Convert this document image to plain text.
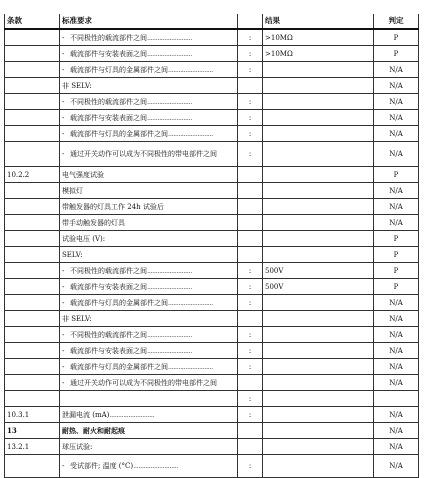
条款	标准要求		结果	判定
	- 不同极性的载流部件之间..........................	:	>10MΩ	P
	- 载流部件与安装表面之间..........................	:	>10MΩ	P
	- 载流部件与灯具的金属部件之间..........................	:		N/A
	非 SELV:			N/A
	- 不同极性的载流部件之间..........................	:		N/A
	- 载流部件与安装表面之间..........................	:		N/A
	- 载流部件与灯具的金属部件之间..........................	:		N/A
	- 通过开关动作可以成为不同极性的带电部件之间	:		N/A
10.2.2	电气强度试验			P
	模拟灯			N/A
	带触发器的灯具工作 24h 试验后			N/A
	带手动触发器的灯具			N/A
	试验电压 (V):			P
	SELV:			P
	- 不同极性的载流部件之间..........................	:	500V	P
	- 载流部件与安装表面之间..........................	:	500V	P
	- 载流部件与灯具的金属部件之间..........................	:		N/A
	非 SELV:			N/A
	- 不同极性的载流部件之间..........................	:		N/A
	- 载流部件与安装表面之间..........................	:		N/A
	- 载流部件与灯具的金属部件之间..........................	:		N/A
	- 通过开关动作可以成为不同极性的带电部件之间			N/A
		:		
10.3.1	泄漏电流 (mA)..........................	:		N/A
13	耐热、耐火和耐起痕			N/A
13.2.1	球压试验:			N/A
	- 受试部件; 温度 (°C)..........................	:		N/A
